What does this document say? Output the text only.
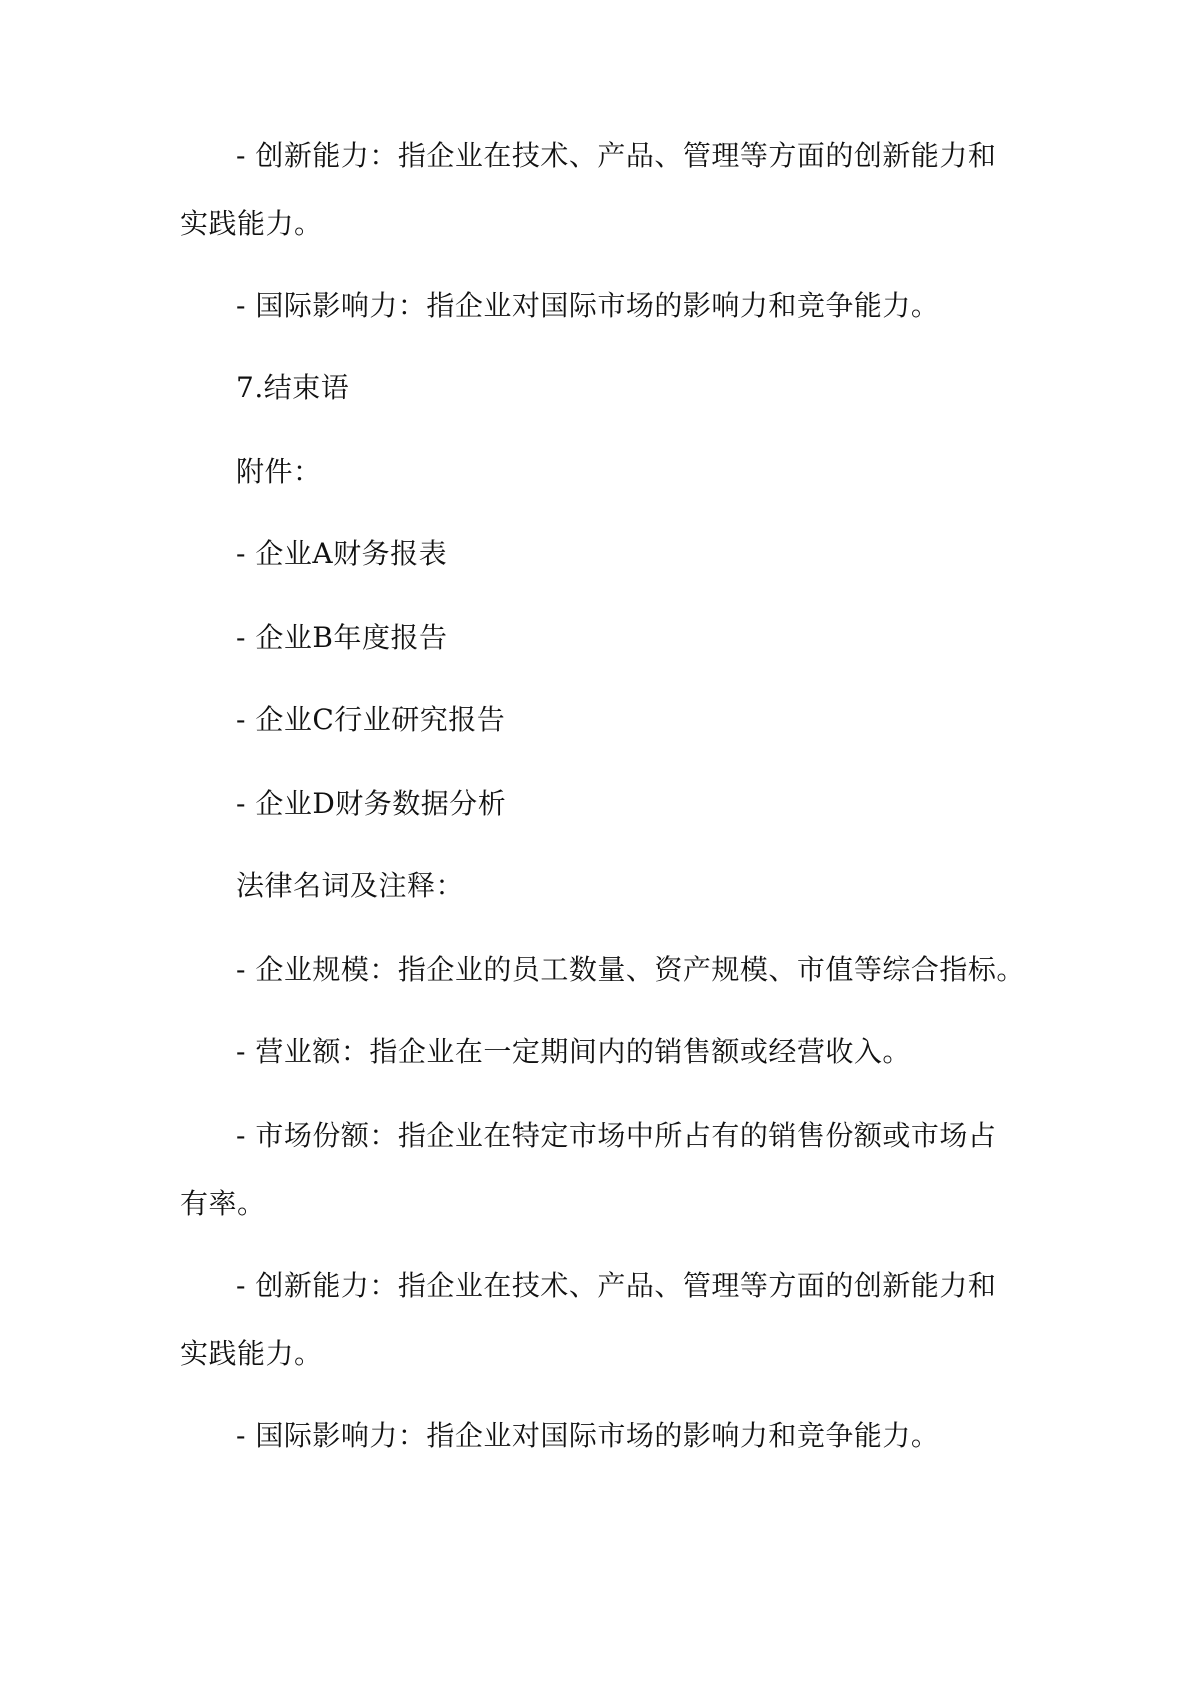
- 创新能力：指企业在技术、产品、管理等方面的创新能力和
实践能力。
- 国际影响力：指企业对国际市场的影响力和竞争能力。
7.结束语
附件：
- 企业A财务报表
- 企业B年度报告
- 企业C行业研究报告
- 企业D财务数据分析
法律名词及注释：
- 企业规模：指企业的员工数量、资产规模、市值等综合指标。
- 营业额：指企业在一定期间内的销售额或经营收入。
- 市场份额：指企业在特定市场中所占有的销售份额或市场占
有率。
- 创新能力：指企业在技术、产品、管理等方面的创新能力和
实践能力。
- 国际影响力：指企业对国际市场的影响力和竞争能力。
